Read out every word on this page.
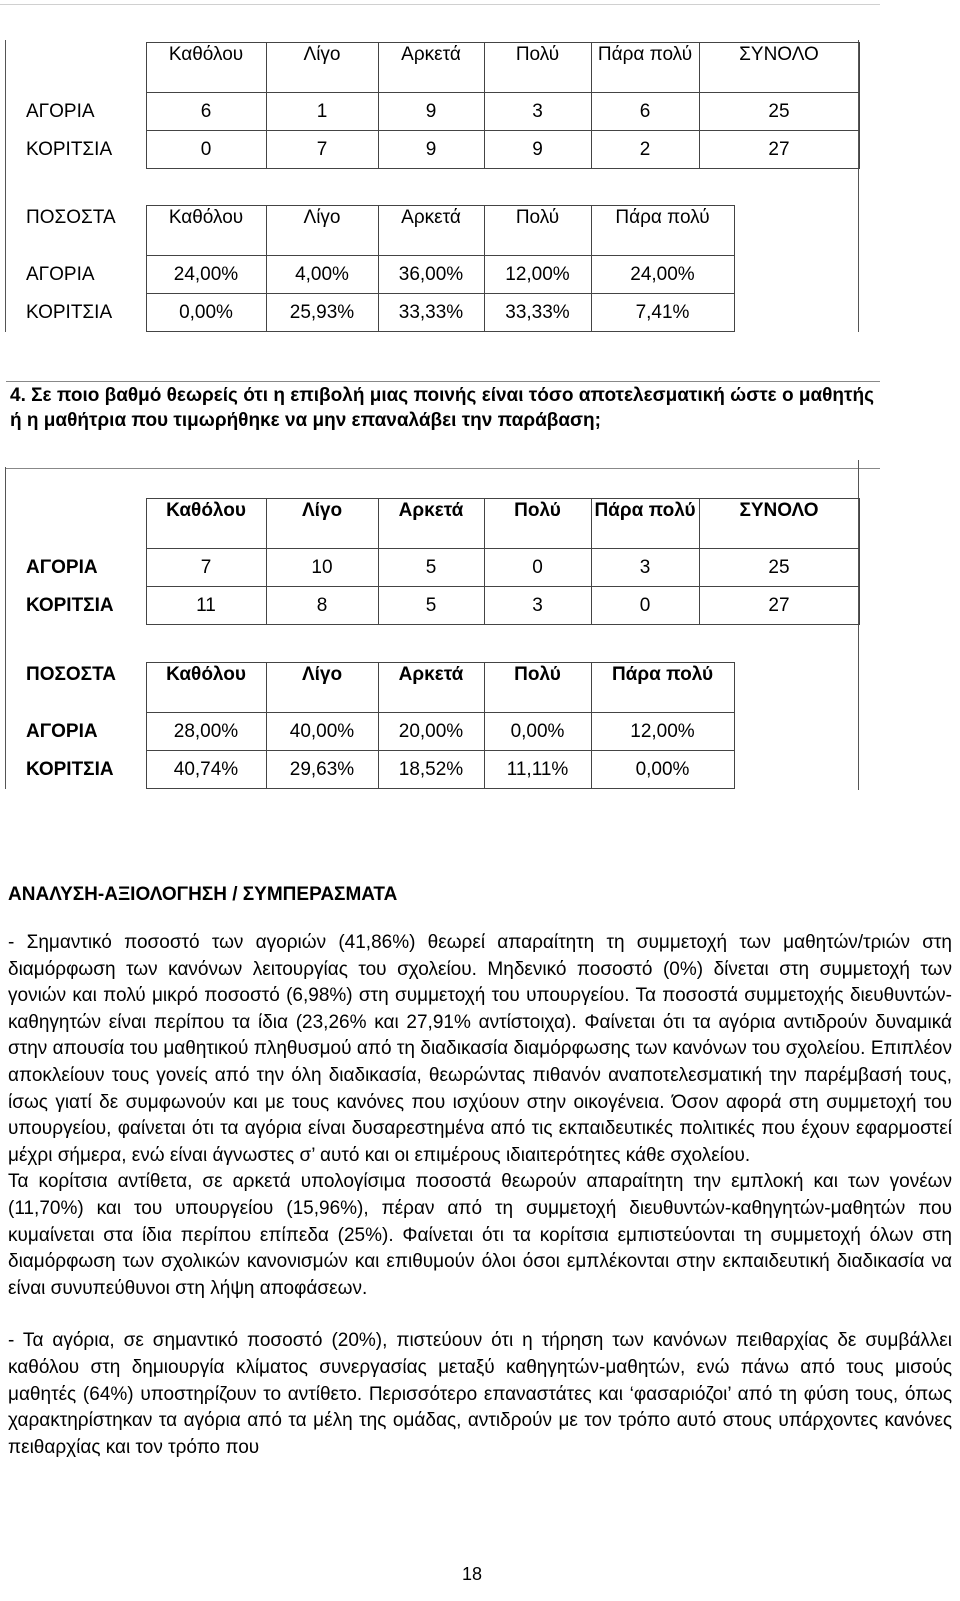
	Καθόλου	Λίγο	Αρκετά	Πολύ	Πάρα πολύ	ΣΥΝΟΛΟ
ΑΓΟΡΙΑ	6	1	9	3	6	25
ΚΟΡΙΤΣΙΑ	0	7	9	9	2	27
ΠΟΣΟΣΤΑ	Καθόλου	Λίγο	Αρκετά	Πολύ	Πάρα πολύ
ΑΓΟΡΙΑ	24,00%	4,00%	36,00%	12,00%	24,00%
ΚΟΡΙΤΣΙΑ	0,00%	25,93%	33,33%	33,33%	7,41%
4. Σε ποιο βαθμό θεωρείς ότι η επιβολή μιας ποινής είναι τόσο αποτελεσματική ώστε ο μαθητής ή η μαθήτρια που τιμωρήθηκε να μην επαναλάβει την παράβαση;
	Καθόλου	Λίγο	Αρκετά	Πολύ	Πάρα πολύ	ΣΥΝΟΛΟ
ΑΓΟΡΙΑ	7	10	5	0	3	25
ΚΟΡΙΤΣΙΑ	11	8	5	3	0	27
ΠΟΣΟΣΤΑ	Καθόλου	Λίγο	Αρκετά	Πολύ	Πάρα πολύ
ΑΓΟΡΙΑ	28,00%	40,00%	20,00%	0,00%	12,00%
ΚΟΡΙΤΣΙΑ	40,74%	29,63%	18,52%	11,11%	0,00%
ΑΝΑΛΥΣΗ-ΑΞΙΟΛΟΓΗΣΗ / ΣΥΜΠΕΡΑΣΜΑΤΑ

- Σημαντικό ποσοστό των αγοριών (41,86%) θεωρεί απαραίτητη τη συμμετοχή των μαθητών/τριών στη διαμόρφωση των κανόνων λειτουργίας του σχολείου. Μηδενικό ποσοστό (0%) δίνεται στη συμμετοχή των γονιών και πολύ μικρό ποσοστό (6,98%) στη συμμετοχή του υπουργείου. Τα ποσοστά συμμετοχής διευθυντών-καθηγητών είναι περίπου τα ίδια (23,26% και 27,91% αντίστοιχα). Φαίνεται ότι τα αγόρια αντιδρούν δυναμικά στην απουσία του μαθητικού πληθυσμού από τη διαδικασία διαμόρφωσης των κανόνων του σχολείου. Επιπλέον αποκλείουν τους γονείς από την όλη διαδικασία, θεωρώντας πιθανόν αναποτελεσματική την παρέμβασή τους, ίσως γιατί δε συμφωνούν και με τους κανόνες που ισχύουν στην οικογένεια. Όσον αφορά στη συμμετοχή του υπουργείου, φαίνεται ότι τα αγόρια είναι δυσαρεστημένα από τις εκπαιδευτικές πολιτικές που έχουν εφαρμοστεί μέχρι σήμερα, ενώ είναι άγνωστες σ’ αυτό και οι επιμέρους ιδιαιτερότητες κάθε σχολείου.

Τα κορίτσια αντίθετα, σε αρκετά υπολογίσιμα ποσοστά θεωρούν απαραίτητη την εμπλοκή και των γονέων (11,70%) και του υπουργείου (15,96%), πέραν από τη συμμετοχή διευθυντών-καθηγητών-μαθητών που κυμαίνεται στα ίδια περίπου επίπεδα (25%). Φαίνεται ότι τα κορίτσια εμπιστεύονται τη συμμετοχή όλων στη διαμόρφωση των σχολικών κανονισμών και επιθυμούν όλοι όσοι εμπλέκονται στην εκπαιδευτική διαδικασία να είναι συνυπεύθυνοι στη λήψη αποφάσεων.

- Τα αγόρια, σε σημαντικό ποσοστό (20%), πιστεύουν ότι η τήρηση των κανόνων πειθαρχίας δε συμβάλλει καθόλου στη δημιουργία κλίματος συνεργασίας μεταξύ καθηγητών-μαθητών, ενώ πάνω από τους μισούς μαθητές (64%) υποστηρίζουν το αντίθετο. Περισσότερο επαναστάτες και ‘φασαριόζοι’ από τη φύση τους, όπως χαρακτηρίστηκαν τα αγόρια από τα μέλη της ομάδας, αντιδρούν με τον τρόπο αυτό στους υπάρχοντες κανόνες πειθαρχίας και τον τρόπο που

18
